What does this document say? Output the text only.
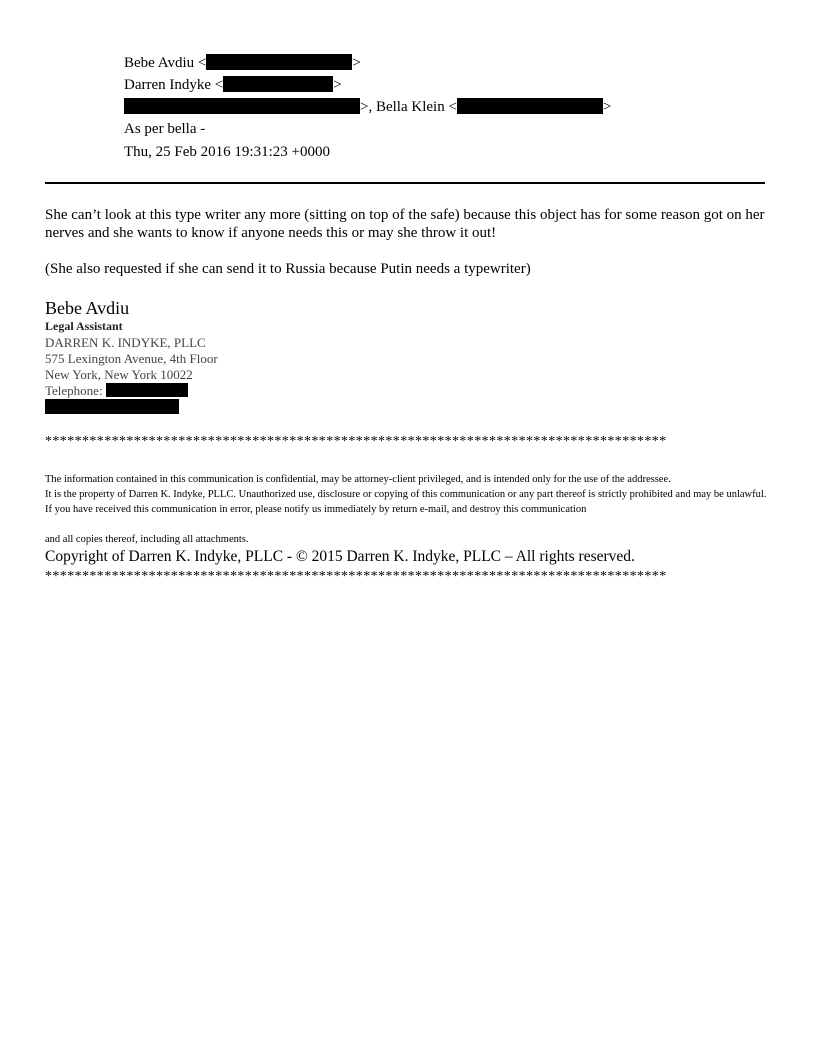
Bebe Avdiu <	>
Darren Indyke <	>
>, Bella Klein <	>
As per bella -
Thu, 25 Feb 2016 19:31:23 +0000
She can’t look at this type writer any more (sitting on top of the safe) because this object has for some reason got on her nerves and she wants to know if anyone needs this or may she throw it out!
(She also requested if she can send it to Russia because Putin needs a typewriter)
Bebe Avdiu
Legal Assistant
DARREN K. INDYKE, PLLC
575 Lexington Avenue, 4th Floor
New York, New York 10022
Telephone:
************************************************************************************
The information contained in this communication is confidential, may be attorney-client privileged, and is intended only for the use of the addressee.
It is the property of Darren K. Indyke, PLLC. Unauthorized use, disclosure or copying of this communication or any part thereof is strictly prohibited and may be unlawful. If you have received this communication in error, please notify us immediately by return e-mail, and destroy this communication
and all copies thereof, including all attachments.
Copyright of Darren K. Indyke, PLLC - © 2015 Darren K. Indyke, PLLC – All rights reserved.
************************************************************************************
